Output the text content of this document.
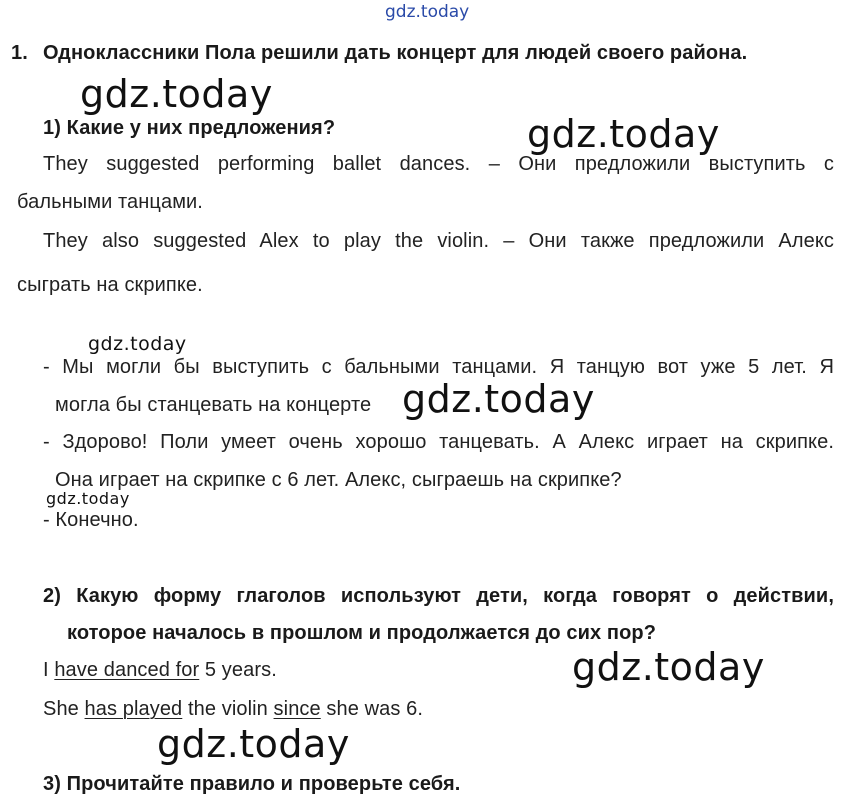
gdz.today
1. Одноклассники Пола решили дать концерт для людей своего района.
gdz.today
1) Какие у них предложения?	gdz.today
They suggested performing ballet dances. – Они предложили выступить с
бальными танцами.
They also suggested Alex to play the violin. – Они также предложили Алекс
сыграть на скрипке.
gdz.today
- Мы могли бы выступить с бальными танцами. Я танцую вот уже 5 лет. Я
могла бы станцевать на концерте gdz.today
- Здорово! Поли умеет очень хорошо танцевать. А Алекс играет на скрипке.
Она играет на скрипке с 6 лет. Алекс, сыграешь на скрипке?
gdz.today
- Конечно.
2) Какую форму глаголов используют дети, когда говорят о действии,
которое началось в прошлом и продолжается до сих пор?
gdz.today
I have danced for 5 years.
She has played the violin since she was 6.
gdz.today
3) Прочитайте правило и проверьте себя.
